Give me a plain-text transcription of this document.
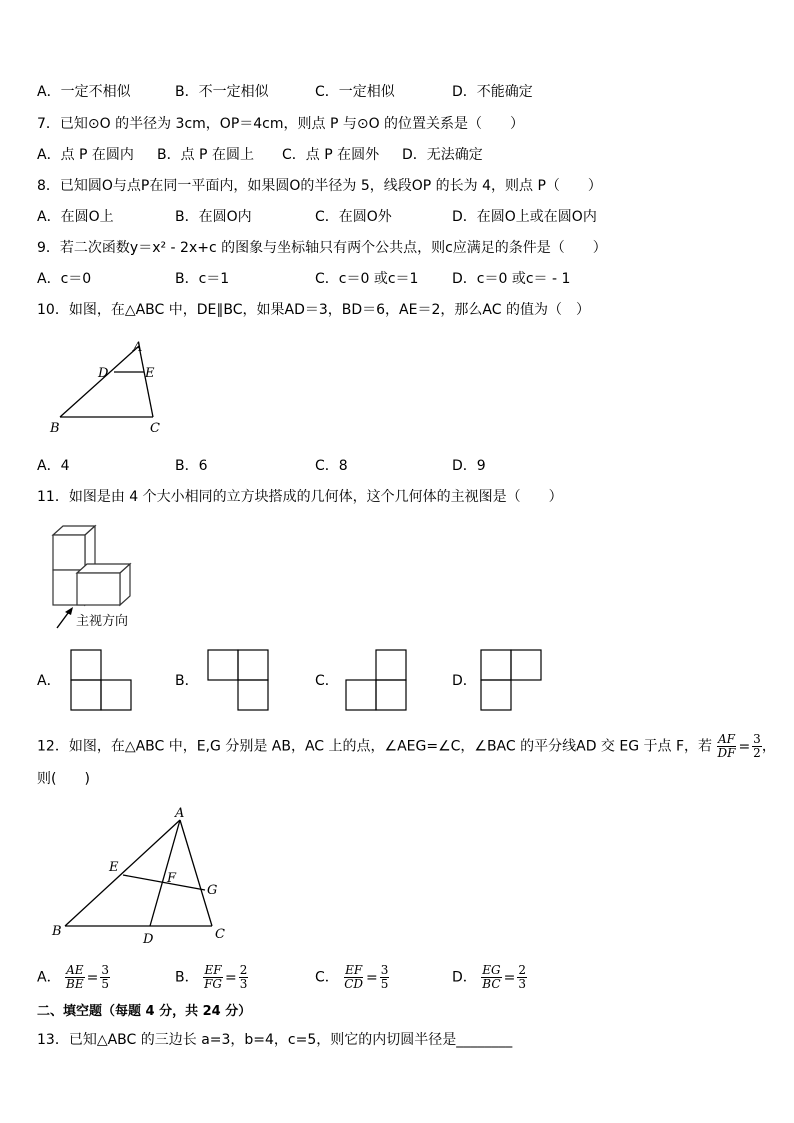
A．一定不相似	B．不一定相似	C．一定相似	D．不能确定
7．已知⊙O 的半径为 3cm，OP＝4cm，则点 P 与⊙O 的位置关系是（　　）
A．点 P 在圆内 B．点 P 在圆上 C．点 P 在圆外 D．无法确定
8．已知圆O与点P在同一平面内，如果圆O的半径为 5，线段OP 的长为 4，则点 P（　　）
A．在圆O上	B．在圆O内	C．在圆O外	D．在圆O上或在圆O内
9．若二次函数y＝x² - 2x+c 的图象与坐标轴只有两个公共点，则c应满足的条件是（　　）
A．c＝0	B．c＝1	C．c＝0 或c＝1 D．c＝0 或c＝ - 1
10．如图，在△ABC 中，DE∥BC，如果AD＝3，BD＝6，AE＝2，那么AC 的值为（　）
A
D	E
B	C
A．4	B．6	C．8	D．9
11．如图是由 4 个大小相同的立方块搭成的几何体，这个几何体的主视图是（　　）
主视方向
A．	B．	C．	D．
12．如图，在△ABC 中，E,G 分别是 AB，AC 上的点，∠AEG=∠C，∠BAC 的平分线AD 交 EG 于点 F，若 $\frac{AF}{DF} = \frac{3}{2}$ ，
则(　　)
A
E
F
G
B
D	C
A． $\frac{AE}{BE} = \frac{3}{5}$	B． $\frac{EF}{FG} = \frac{2}{3}$	C． $\frac{EF}{CD} = \frac{3}{5}$	D． $\frac{EG}{BC} = \frac{2}{3}$
二、填空题（每题 4 分，共 24 分）
13．已知△ABC 的三边长 a=3，b=4，c=5，则它的内切圆半径是________
